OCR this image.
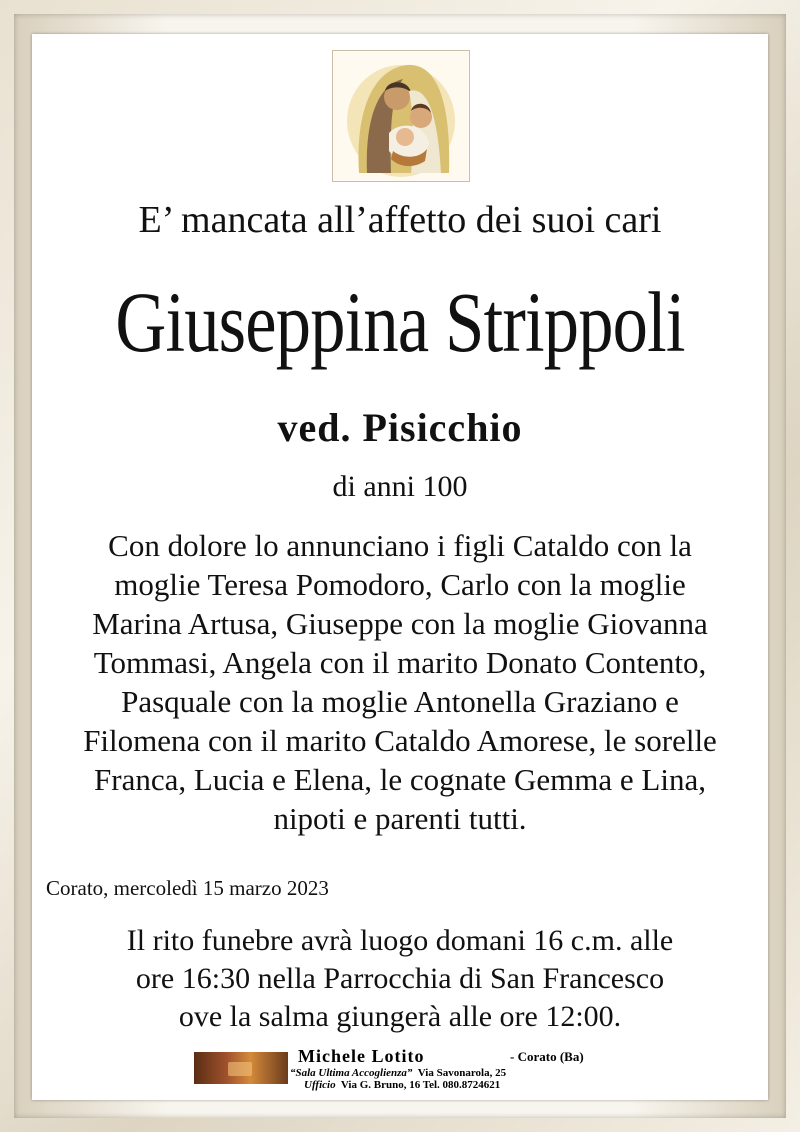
E’ mancata all’affetto dei suoi cari
Giuseppina Strippoli
ved. Pisicchio
di anni 100
Con dolore lo annunciano i figli Cataldo con la
moglie Teresa Pomodoro, Carlo con la moglie
Marina Artusa, Giuseppe con la moglie Giovanna
Tommasi, Angela con il marito Donato Contento,
Pasquale con la moglie Antonella Graziano e
Filomena con il marito Cataldo Amorese, le sorelle
Franca, Lucia e Elena, le cognate Gemma e Lina,
nipoti e parenti tutti.
Corato, mercoledì 15 marzo 2023
Il rito funebre avrà luogo domani 16 c.m. alle
ore 16:30 nella Parrocchia di San Francesco
ove la salma giungerà alle ore 12:00.
Michele Lotito	- Corato (Ba)
“Sala Ultima Accoglienza” Via Savonarola, 25
Ufficio Via G. Bruno, 16 Tel. 080.8724621
